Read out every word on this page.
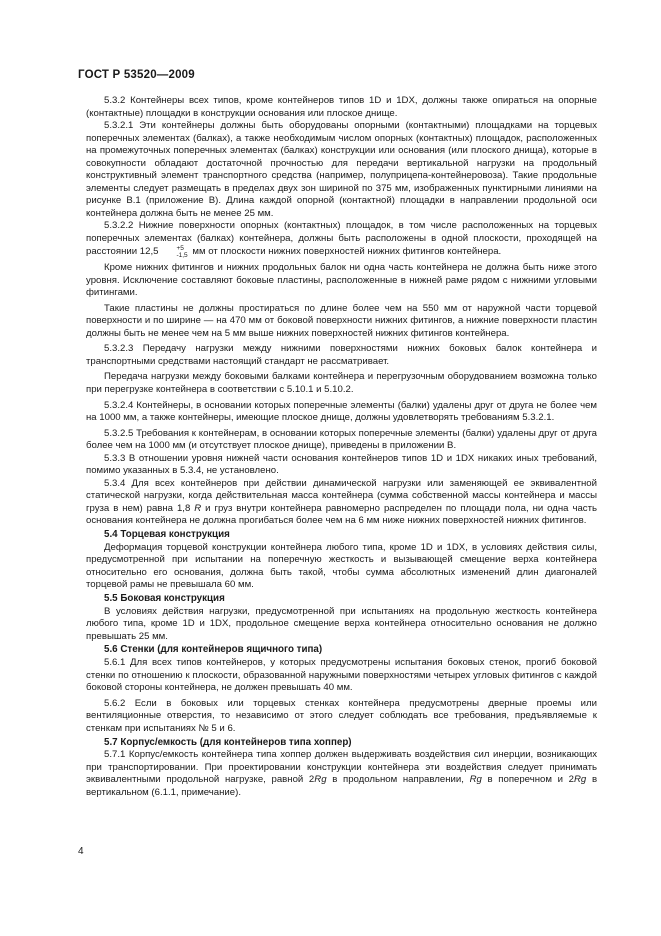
ГОСТ Р 53520—2009

5.3.2 Контейнеры всех типов, кроме контейнеров типов 1D и 1DX, должны также опираться на опорные (контактные) площадки в конструкции основания или плоское днище.

5.3.2.1 Эти контейнеры должны быть оборудованы опорными (контактными) площадками на торцевых поперечных элементах (балках), а также необходимым числом опорных (контактных) площадок, расположенных на промежуточных поперечных элементах (балках) конструкции или основания (или плоского днища), которые в совокупности обладают достаточной прочностью для передачи вертикальной нагрузки на продольный конструктивный элемент транспортного средства (например, полуприцепа-контейнеровоза). Такие продольные элементы следует размещать в пределах двух зон шириной по 375 мм, изображенных пунктирными линиями на рисунке В.1 (приложение В). Длина каждой опорной (контактной) площадки в направлении продольной оси контейнера должна быть не менее 25 мм.

5.3.2.2 Нижние поверхности опорных (контактных) площадок, в том числе расположенных на торцевых поперечных элементах (балках) контейнера, должны быть расположены в одной плоскости, проходящей на расстоянии 12,5	+5
-1,5 мм от плоскости нижних поверхностей нижних фитингов контейнера.

Кроме нижних фитингов и нижних продольных балок ни одна часть контейнера не должна быть ниже этого уровня. Исключение составляют боковые пластины, расположенные в нижней раме рядом с нижними угловыми фитингами.

Такие пластины не должны простираться по длине более чем на 550 мм от наружной части торцевой поверхности и по ширине — на 470 мм от боковой поверхности нижних фитингов, а нижние поверхности пластин должны быть не менее чем на 5 мм выше нижних поверхностей нижних фитингов контейнера.

5.3.2.3 Передачу нагрузки между нижними поверхностями нижних боковых балок контейнера и транспортными средствами настоящий стандарт не рассматривает.

Передача нагрузки между боковыми балками контейнера и перегрузочным оборудованием возможна только при перегрузке контейнера в соответствии с 5.10.1 и 5.10.2.

5.3.2.4 Контейнеры, в основании которых поперечные элементы (балки) удалены друг от друга не более чем на 1000 мм, а также контейнеры, имеющие плоское днище, должны удовлетворять требованиям 5.3.2.1.

5.3.2.5 Требования к контейнерам, в основании которых поперечные элементы (балки) удалены друг от друга более чем на 1000 мм (и отсутствует плоское днище), приведены в приложении В.

5.3.3 В отношении уровня нижней части основания контейнеров типов 1D и 1DX никаких иных требований, помимо указанных в 5.3.4, не установлено.

5.3.4 Для всех контейнеров при действии динамической нагрузки или заменяющей ее эквивалентной статической нагрузки, когда действительная масса контейнера (сумма собственной массы контейнера и массы груза в нем) равна 1,8 R и груз внутри контейнера равномерно распределен по площади пола, ни одна часть основания контейнера не должна прогибаться более чем на 6 мм ниже нижних поверхностей нижних фитингов.

5.4 Торцевая конструкция

Деформация торцевой конструкции контейнера любого типа, кроме 1D и 1DX, в условиях действия силы, предусмотренной при испытании на поперечную жесткость и вызывающей смещение верха контейнера относительно его основания, должна быть такой, чтобы сумма абсолютных изменений длин диагоналей торцевой рамы не превышала 60 мм.

5.5 Боковая конструкция

В условиях действия нагрузки, предусмотренной при испытаниях на продольную жесткость контейнера любого типа, кроме 1D и 1DX, продольное смещение верха контейнера относительно основания не должно превышать 25 мм.

5.6 Стенки (для контейнеров ящичного типа)

5.6.1 Для всех типов контейнеров, у которых предусмотрены испытания боковых стенок, прогиб боковой стенки по отношению к плоскости, образованной наружными поверхностями четырех угловых фитингов с каждой боковой стороны контейнера, не должен превышать 40 мм.

5.6.2 Если в боковых или торцевых стенках контейнера предусмотрены дверные проемы или вентиляционные отверстия, то независимо от этого следует соблюдать все требования, предъявляемые к стенкам при испытаниях № 5 и 6.

5.7 Корпус/емкость (для контейнеров типа хоппер)

5.7.1 Корпус/емкость контейнера типа хоппер должен выдерживать воздействия сил инерции, возникающих при транспортировании. При проектировании конструкции контейнера эти воздействия следует принимать эквивалентными продольной нагрузке, равной 2Rg в продольном направлении, Rg в поперечном и 2Rg в вертикальном (6.1.1, примечание).

4
